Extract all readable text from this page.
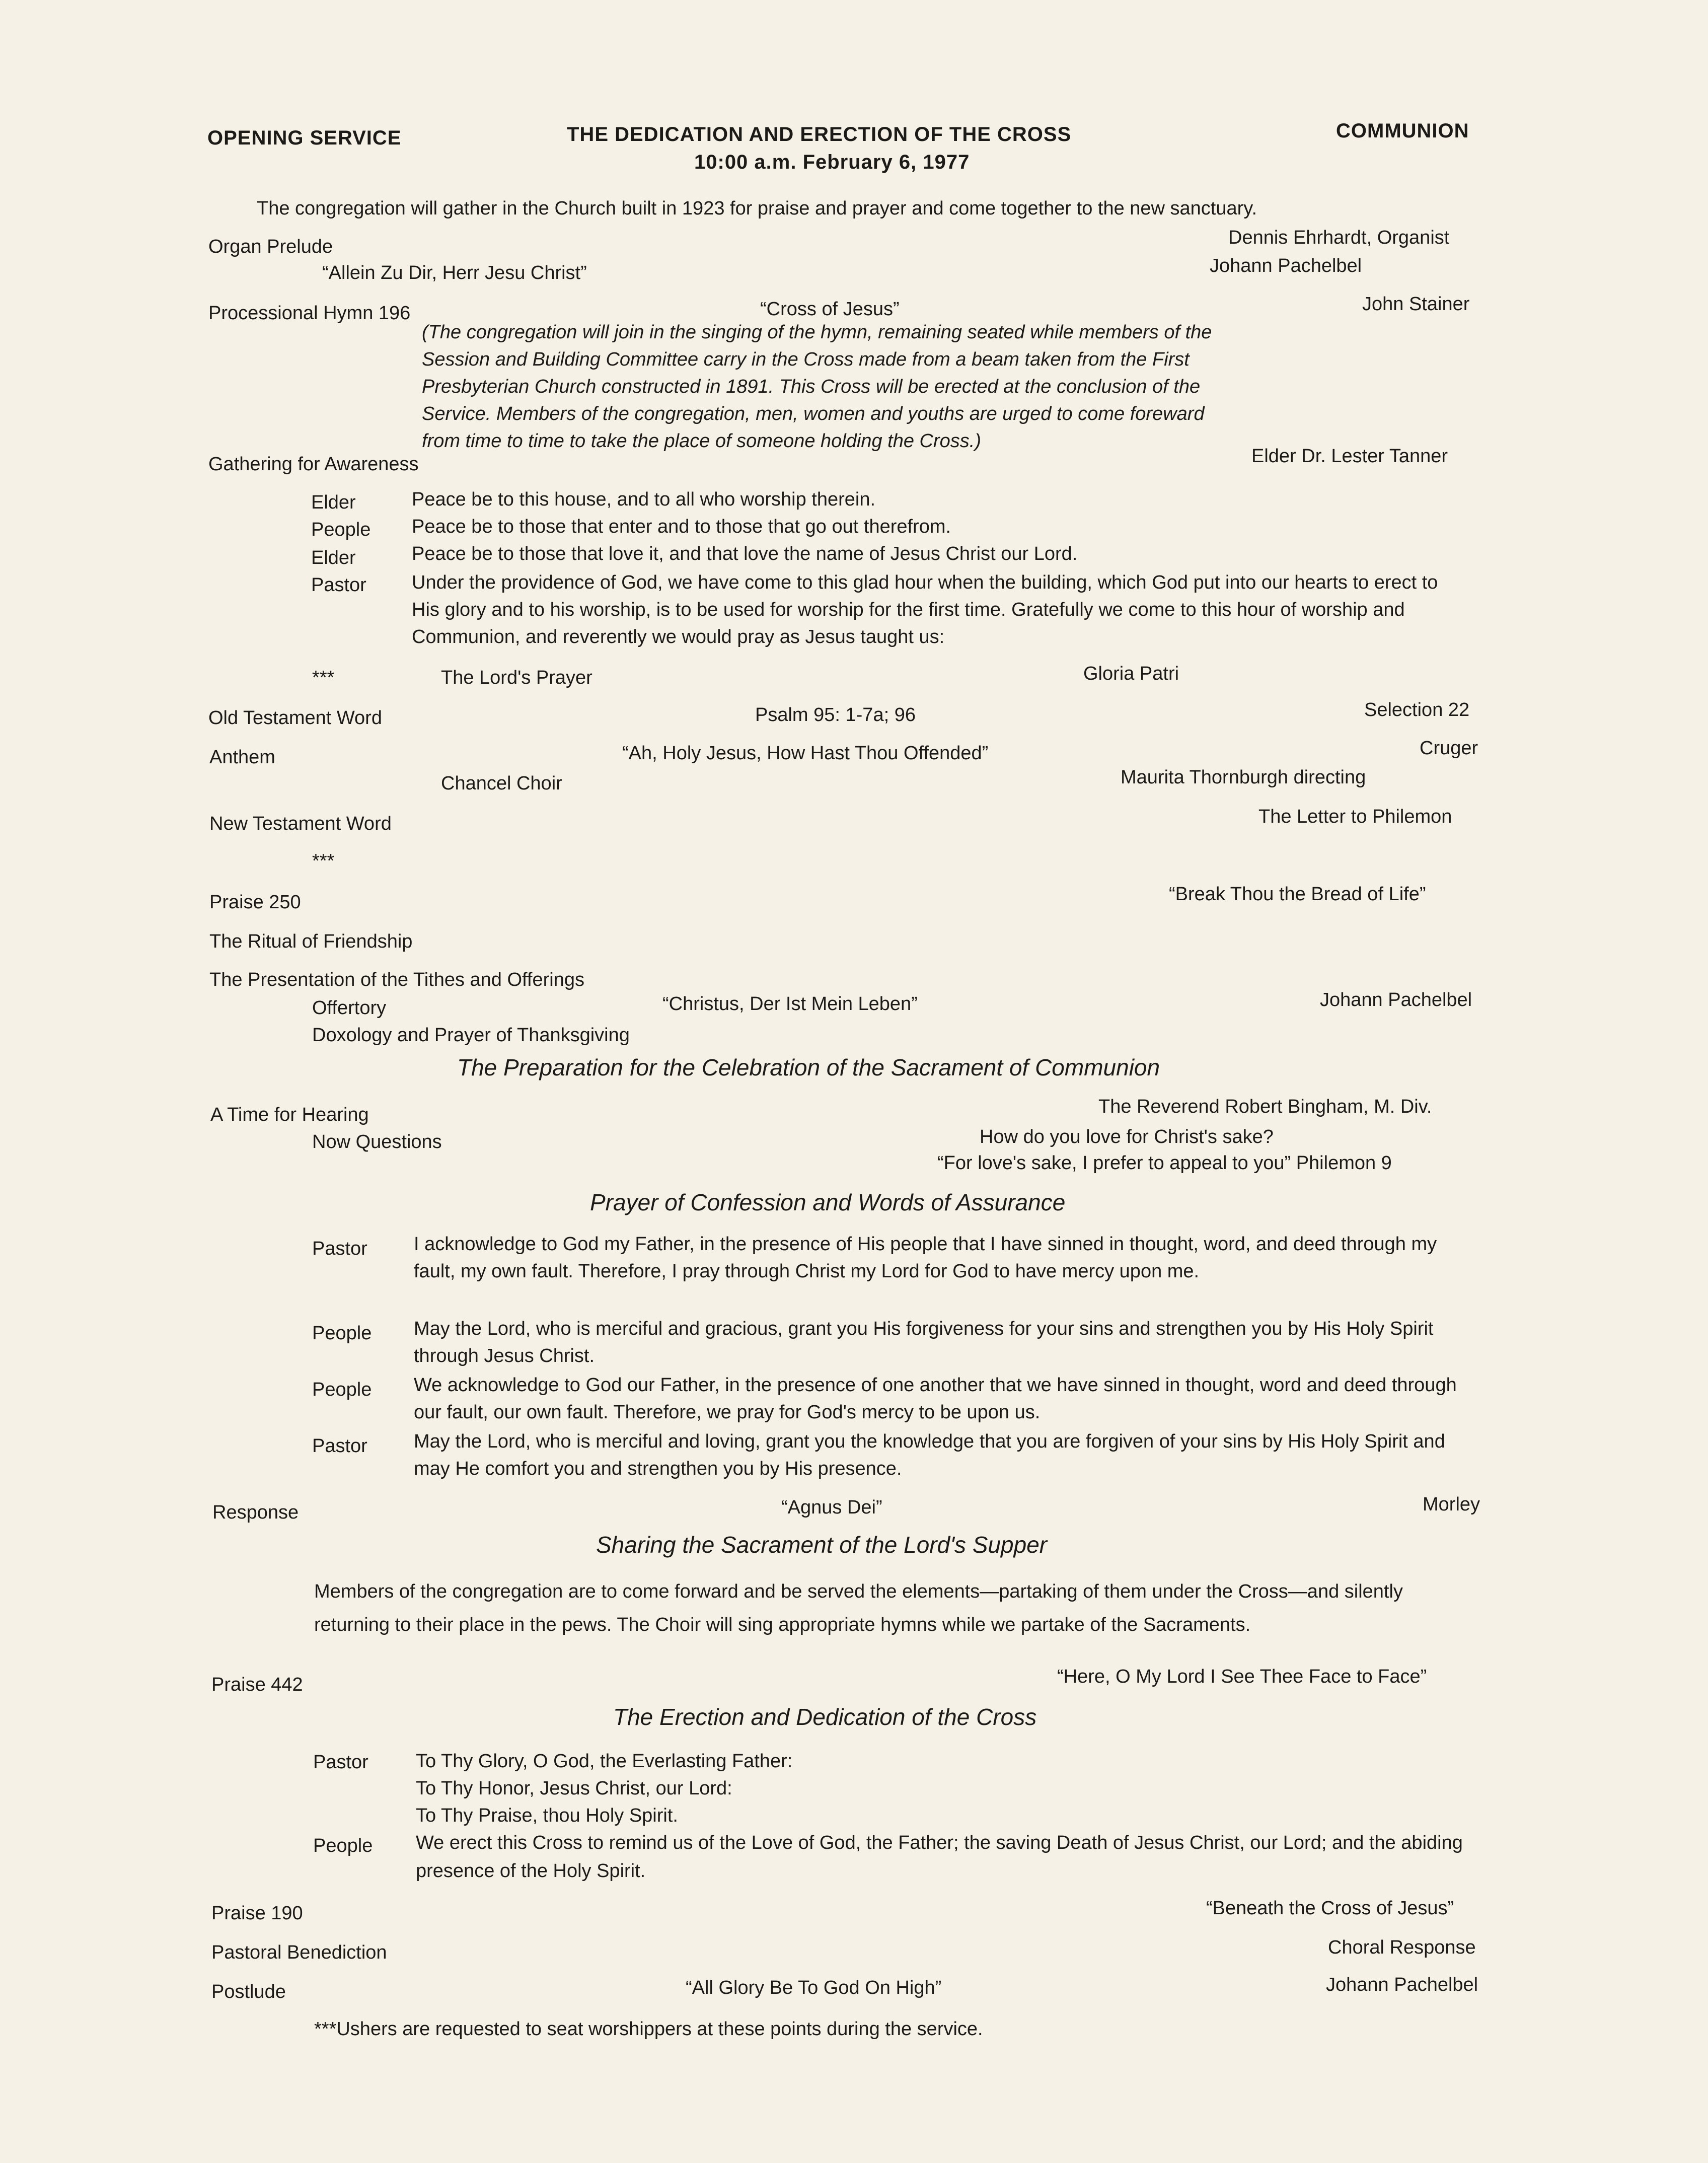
OPENING SERVICE	THE DEDICATION AND ERECTION OF THE CROSS	COMMUNION
10:00 a.m. February 6, 1977
The congregation will gather in the Church built in 1923 for praise and prayer and come together to the new sanctuary.
Organ Prelude	Dennis Ehrhardt, Organist
“Allein Zu Dir, Herr Jesu Christ”	Johann Pachelbel
Processional Hymn 196	“Cross of Jesus”	John Stainer
(The congregation will join in the singing of the hymn, remaining seated while members of the
Session and Building Committee carry in the Cross made from a beam taken from the First
Presbyterian Church constructed in 1891. This Cross will be erected at the conclusion of the
Service. Members of the congregation, men, women and youths are urged to come foreward
from time to time to take the place of someone holding the Cross.)
Gathering for Awareness	Elder Dr. Lester Tanner
Elder	Peace be to this house, and to all who worship therein.
People Peace be to those that enter and to those that go out therefrom.
Elder	Peace be to those that love it, and that love the name of Jesus Christ our Lord.
Pastor Under the providence of God, we have come to this glad hour when the building, which God put into our hearts to erect to His glory and to his worship, is to be used for worship for the first time. Gratefully we come to this hour of worship and Communion, and reverently we would pray as Jesus taught us:
***	The Lord's Prayer	Gloria Patri
Old Testament Word	Psalm 95: 1-7a; 96	Selection 22
Anthem	“Ah, Holy Jesus, How Hast Thou Offended”	Cruger
Chancel Choir	Maurita Thornburgh directing
New Testament Word	The Letter to Philemon
***
Praise 250	“Break Thou the Bread of Life”
The Ritual of Friendship
The Presentation of the Tithes and Offerings
Offertory	“Christus, Der Ist Mein Leben”	Johann Pachelbel
Doxology and Prayer of Thanksgiving
The Preparation for the Celebration of the Sacrament of Communion
A Time for Hearing	The Reverend Robert Bingham, M. Div.
Now Questions	How do you love for Christ's sake?
“For love's sake, I prefer to appeal to you” Philemon 9
Prayer of Confession and Words of Assurance
Pastor I acknowledge to God my Father, in the presence of His people that I have sinned in thought, word, and deed through my fault, my own fault. Therefore, I pray through Christ my Lord for God to have mercy upon me.
People May the Lord, who is merciful and gracious, grant you His forgiveness for your sins and strengthen you by His Holy Spirit through Jesus Christ.
People We acknowledge to God our Father, in the presence of one another that we have sinned in thought, word and deed through our fault, our own fault. Therefore, we pray for God's mercy to be upon us.
Pastor May the Lord, who is merciful and loving, grant you the knowledge that you are forgiven of your sins by His Holy Spirit and may He comfort you and strengthen you by His presence.
Response	“Agnus Dei”	Morley
Sharing the Sacrament of the Lord's Supper
Members of the congregation are to come forward and be served the elements—partaking of them under the Cross—and silently returning to their place in the pews. The Choir will sing appropriate hymns while we partake of the Sacraments.
Praise 442	“Here, O My Lord I See Thee Face to Face”
The Erection and Dedication of the Cross
Pastor To Thy Glory, O God, the Everlasting Father:
To Thy Honor, Jesus Christ, our Lord:
To Thy Praise, thou Holy Spirit.
People We erect this Cross to remind us of the Love of God, the Father; the saving Death of Jesus Christ, our Lord; and the abiding presence of the Holy Spirit.
Praise 190	“Beneath the Cross of Jesus”
Pastoral Benediction	Choral Response
Postlude	“All Glory Be To God On High”	Johann Pachelbel
***Ushers are requested to seat worshippers at these points during the service.
